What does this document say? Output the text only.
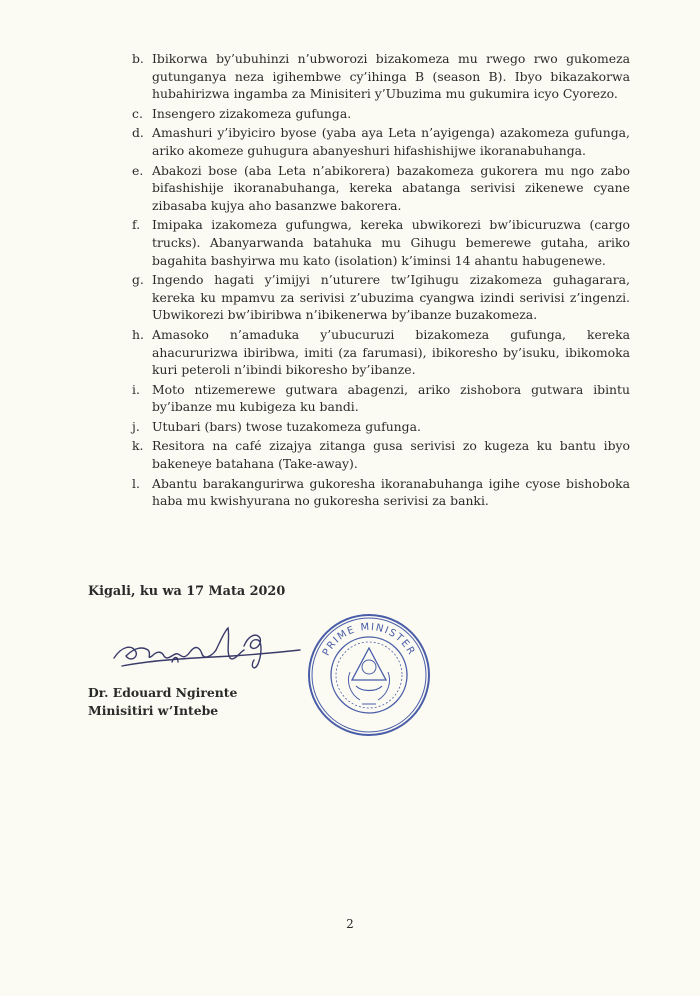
b. Ibikorwa by’ubuhinzi n’ubworozi bizakomeza mu rwego rwo gukomeza gutunganya neza igihembwe cy’ihinga B (season B). Ibyo bikazakorwa hubahirizwa ingamba za Minisiteri y’Ubuzima mu gukumira icyo Cyorezo.
c. Insengero zizakomeza gufunga.
d. Amashuri y’ibyiciro byose (yaba aya Leta n’ayigenga) azakomeza gufunga, ariko akomeze guhugura abanyeshuri hifashishijwe ikoranabuhanga.
e. Abakozi bose (aba Leta n’abikorera) bazakomeza gukorera mu ngo zabo bifashishije ikoranabuhanga, kereka abatanga serivisi zikenewe cyane zibasaba kujya aho basanzwe bakorera.
f. Imipaka izakomeza gufungwa, kereka ubwikorezi bw’ibicuruzwa (cargo trucks). Abanyarwanda batahuka mu Gihugu bemerewe gutaha, ariko bagahita bashyirwa mu kato (isolation) k’iminsi 14 ahantu habugenewe.
g. Ingendo hagati y’imijyi n’uturere tw’Igihugu zizakomeza guhagarara, kereka ku mpamvu za serivisi z’ubuzima cyangwa izindi serivisi z’ingenzi. Ubwikorezi bw’ibiribwa n’ibikenerwa by’ibanze buzakomeza.
h. Amasoko n’amaduka y’ubucuruzi bizakomeza gufunga, kereka ahacururizwa ibiribwa, imiti (za farumasi), ibikoresho by’isuku, ibikomoka kuri peteroli n’ibindi bikoresho by’ibanze.
i. Moto ntizemerewe gutwara abagenzi, ariko zishobora gutwara ibintu by’ibanze mu kubigeza ku bandi.
j. Utubari (bars) twose tuzakomeza gufunga.
k. Resitora na café zizajya zitanga gusa serivisi zo kugeza ku bantu ibyo bakeneye batahana (Take-away).
l. Abantu barakangurirwa gukoresha ikoranabuhanga igihe cyose bishoboka haba mu kwishyurana no gukoresha serivisi za banki.
Kigali, ku wa 17 Mata 2020
PRIME MINISTER
Dr. Edouard Ngirente
Minisitiri w’Intebe
2
